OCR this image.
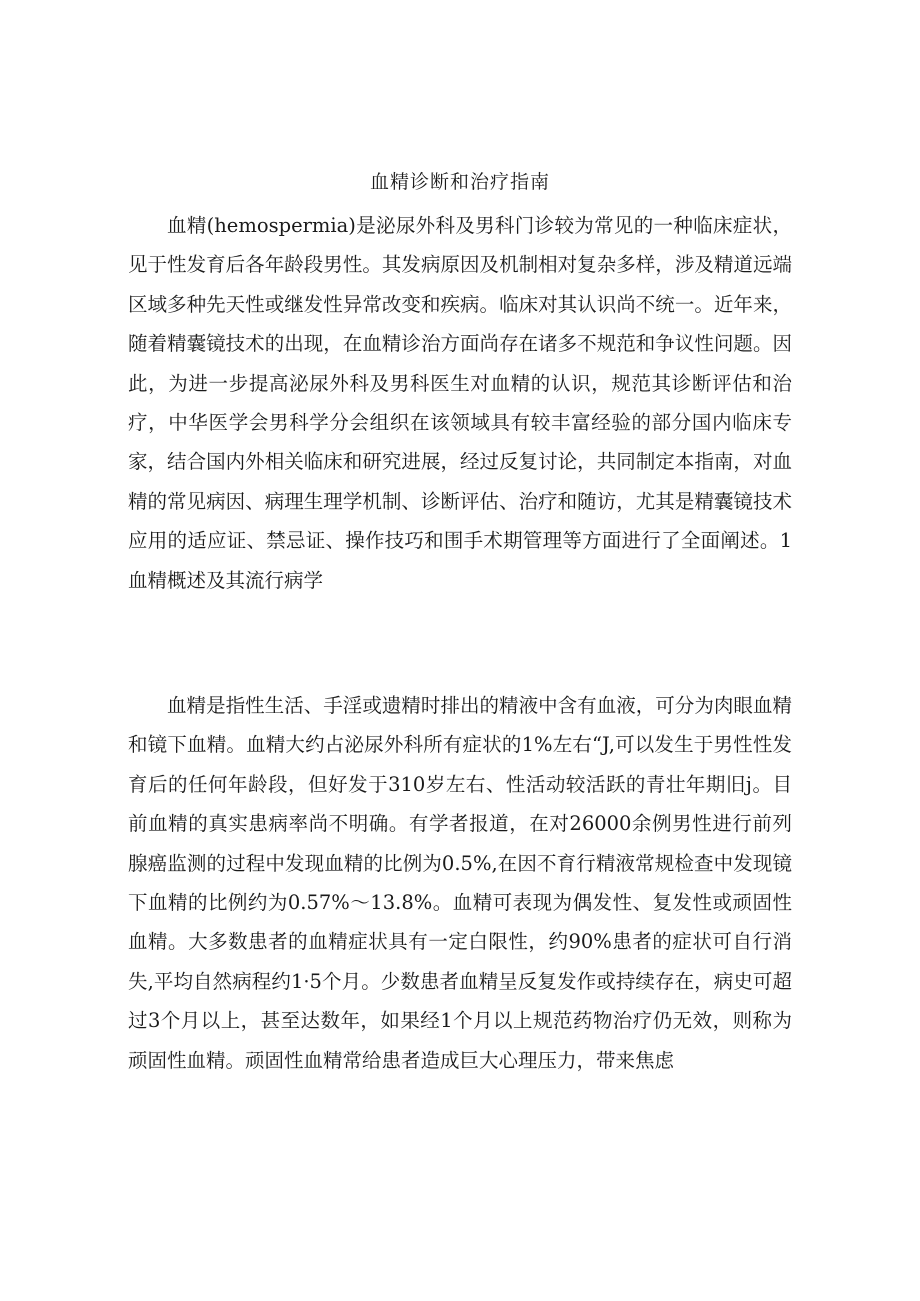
血精诊断和治疗指南

血精(hemospermia)是泌尿外科及男科门诊较为常见的一种临床症状，见于性发育后各年龄段男性。其发病原因及机制相对复杂多样，涉及精道远端区域多种先天性或继发性异常改变和疾病。临床对其认识尚不统一。近年来，随着精囊镜技术的出现，在血精诊治方面尚存在诸多不规范和争议性问题。因此，为进一步提高泌尿外科及男科医生对血精的认识，规范其诊断评估和治疗，中华医学会男科学分会组织在该领域具有较丰富经验的部分国内临床专家，结合国内外相关临床和研究进展，经过反复讨论，共同制定本指南，对血精的常见病因、病理生理学机制、诊断评估、治疗和随访，尤其是精囊镜技术应用的适应证、禁忌证、操作技巧和围手术期管理等方面进行了全面阐述。1血精概述及其流行病学

血精是指性生活、手淫或遗精时排出的精液中含有血液，可分为肉眼血精和镜下血精。血精大约占泌尿外科所有症状的1%左右“J,可以发生于男性性发育后的任何年龄段，但好发于310岁左右、性活动较活跃的青壮年期旧j。目前血精的真实患病率尚不明确。有学者报道，在对26000余例男性进行前列腺癌监测的过程中发现血精的比例为0.5%,在因不育行精液常规检查中发现镜下血精的比例约为0.57%～13.8%。血精可表现为偶发性、复发性或顽固性血精。大多数患者的血精症状具有一定白限性，约90%患者的症状可自行消失,平均自然病程约1·5个月。少数患者血精呈反复发作或持续存在，病史可超过3个月以上，甚至达数年，如果经1个月以上规范药物治疗仍无效，则称为顽固性血精。顽固性血精常给患者造成巨大心理压力，带来焦虑
